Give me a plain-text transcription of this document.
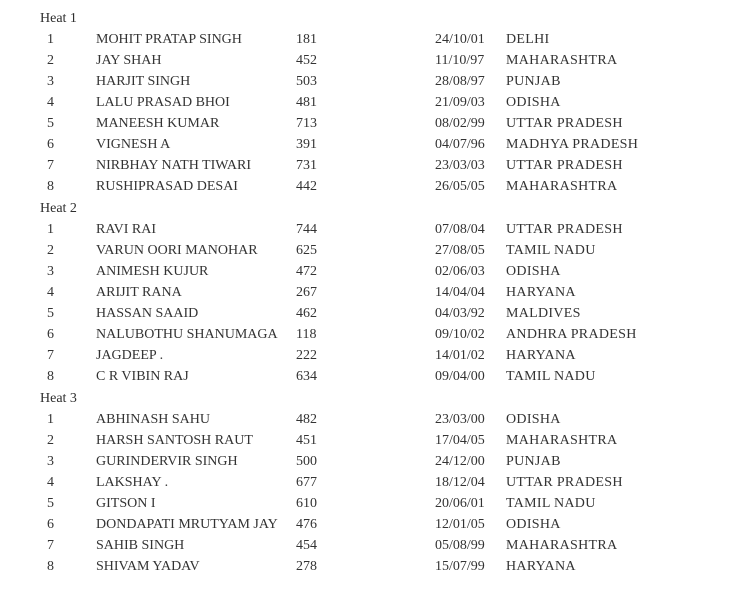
Heat 1
1	MOHIT PRATAP SINGH	181	24/10/01 DELHI
2	JAY SHAH	452	11/10/97 MAHARASHTRA
3	HARJIT SINGH	503	28/08/97 PUNJAB
4	LALU PRASAD BHOI	481	21/09/03 ODISHA
5	MANEESH KUMAR	713	08/02/99 UTTAR PRADESH
6	VIGNESH A	391	04/07/96 MADHYA PRADESH
7	NIRBHAY NATH TIWARI	731	23/03/03 UTTAR PRADESH
8	RUSHIPRASAD DESAI	442	26/05/05 MAHARASHTRA
Heat 2
1	RAVI RAI	744	07/08/04 UTTAR PRADESH
2	VARUN OORI MANOHAR	625	27/08/05 TAMIL NADU
3	ANIMESH KUJUR	472	02/06/03 ODISHA
4	ARIJIT RANA	267	14/04/04 HARYANA
5	HASSAN SAAID	462	04/03/92 MALDIVES
6	NALUBOTHU SHANUMAGA 118	09/10/02 ANDHRA PRADESH
7	JAGDEEP .	222	14/01/02 HARYANA
8	C R VIBIN RAJ	634	09/04/00 TAMIL NADU
Heat 3
1	ABHINASH SAHU	482	23/03/00 ODISHA
2	HARSH SANTOSH RAUT	451	17/04/05 MAHARASHTRA
3	GURINDERVIR SINGH	500	24/12/00 PUNJAB
4	LAKSHAY .	677	18/12/04 UTTAR PRADESH
5	GITSON I	610	20/06/01 TAMIL NADU
6	DONDAPATI MRUTYAM JAY 476	12/01/05 ODISHA
7	SAHIB SINGH	454	05/08/99 MAHARASHTRA
8	SHIVAM YADAV	278	15/07/99 HARYANA
